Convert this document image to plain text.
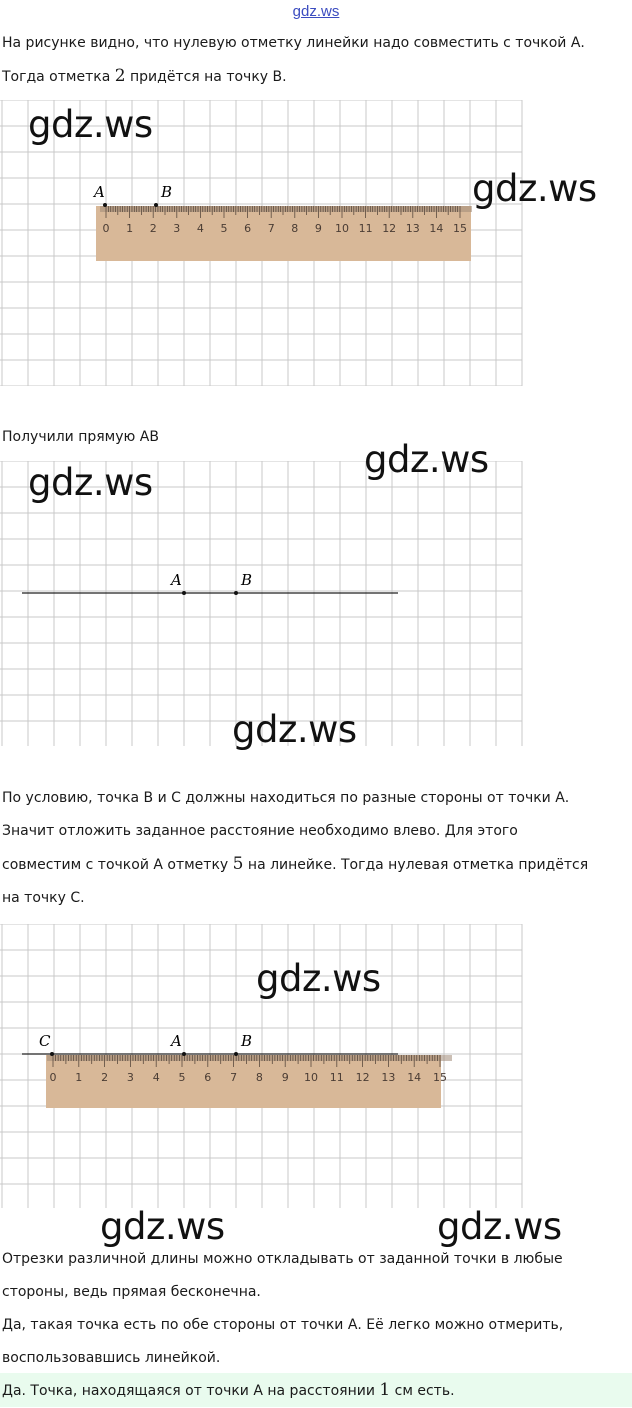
gdz.ws

На рисунке видно, что нулевую отметку линейки надо совместить с точкой А.

Тогда отметка 2 придётся на точку В.

0 1 2 3 4 5 6 7 8 9 10 11 12 13 14 15
A	B

Получили прямую АВ

A	B

По условию, точка В и С должны находиться по разные стороны от точки А.

Значит отложить заданное расстояние необходимо влево. Для этого

совместим с точкой А отметку 5 на линейке. Тогда нулевая отметка придётся

на точку С.

0 1 2 3 4 5 6 7 8 9 10 11 12 13 14 15
C	A	B

Отрезки различной длины можно откладывать от заданной точки в любые

стороны, ведь прямая бесконечна.

Да, такая точка есть по обе стороны от точки А. Её легко можно отмерить,

воспользовавшись линейкой.

Да. Точка, находящаяся от точки А на расстоянии 1 см есть.
gdz.ws
gdz.ws
gdz.ws
gdz.ws
gdz.ws
gdz.ws
gdz.ws	gdz.ws
